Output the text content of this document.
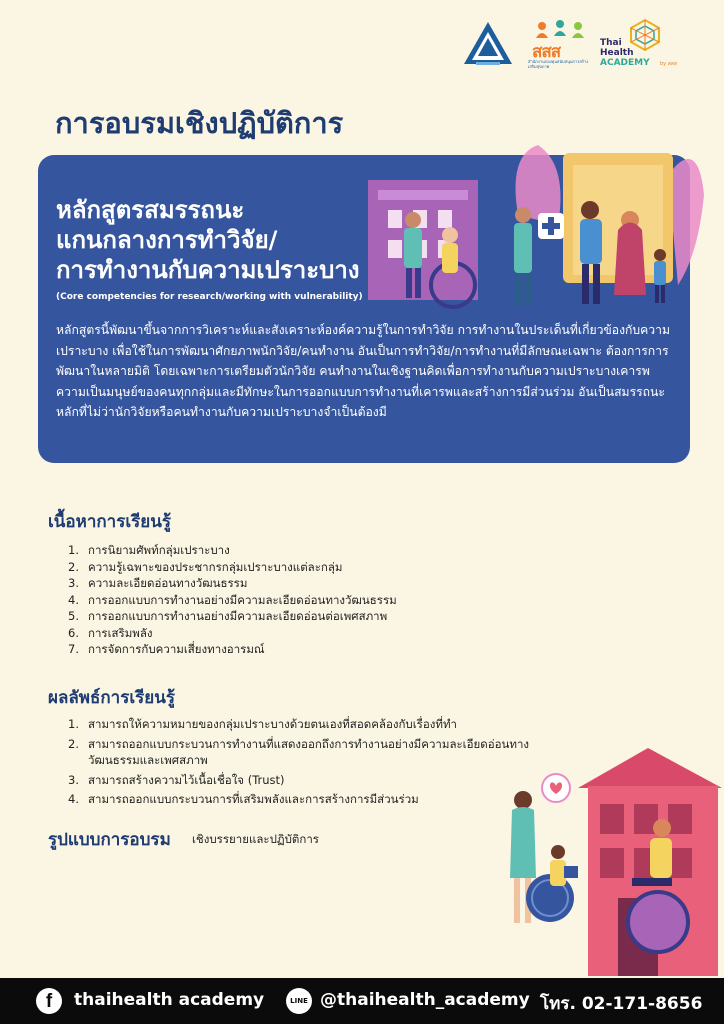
สสส
สำนักงานกองทุนสนับสนุนการสร้างเสริมสุขภาพ
Thai
Health
ACADEMY by สสส
การอบรมเชิงปฏิบัติการ
หลักสูตรสมรรถนะ
แกนกลางการทำวิจัย/
การทำงานกับความเปราะบาง
(Core competencies for research/working with vulnerability)
หลักสูตรนี้พัฒนาขึ้นจากการวิเคราะห์และสังเคราะห์องค์ความรู้ในการทำวิจัย การทำงานในประเด็นที่เกี่ยวข้องกับความเปราะบาง เพื่อใช้ในการพัฒนาศักยภาพนักวิจัย/คนทำงาน อันเป็นการทำวิจัย/การทำงานที่มีลักษณะเฉพาะ ต้องการการพัฒนาในหลายมิติ โดยเฉพาะการเตรียมตัวนักวิจัย คนทำงานในเชิงฐานคิดเพื่อการทำงานกับความเปราะบางเคารพความเป็นมนุษย์ของคนทุกกลุ่มและมีทักษะในการออกแบบการทำงานที่เคารพและสร้างการมีส่วนร่วม อันเป็นสมรรถนะหลักที่ไม่ว่านักวิจัยหรือคนทำงานกับความเปราะบางจำเป็นต้องมี
เนื้อหาการเรียนรู้
1. การนิยามศัพท์กลุ่มเปราะบาง
2. ความรู้เฉพาะของประชากรกลุ่มเปราะบางแต่ละกลุ่ม
3. ความละเอียดอ่อนทางวัฒนธรรม
4. การออกแบบการทำงานอย่างมีความละเอียดอ่อนทางวัฒนธรรม
5. การออกแบบการทำงานอย่างมีความละเอียดอ่อนต่อเพศสภาพ
6. การเสริมพลัง
7. การจัดการกับความเสี่ยงทางอารมณ์
ผลลัพธ์การเรียนรู้
1. สามารถให้ความหมายของกลุ่มเปราะบางด้วยตนเองที่สอดคล้องกับเรื่องที่ทำ
2. สามารถออกแบบกระบวนการทำงานที่แสดงออกถึงการทำงานอย่างมีความละเอียดอ่อนทางวัฒนธรรมและเพศสภาพ
3. สามารถสร้างความไว้เนื้อเชื่อใจ (Trust)
4. สามารถออกแบบกระบวนการที่เสริมพลังและการสร้างการมีส่วนร่วม
รูปแบบการอบรม เชิงบรรยายและปฏิบัติการ
f	thaihealth academy	LINE @thaihealth_academy โทร. 02-171-8656
